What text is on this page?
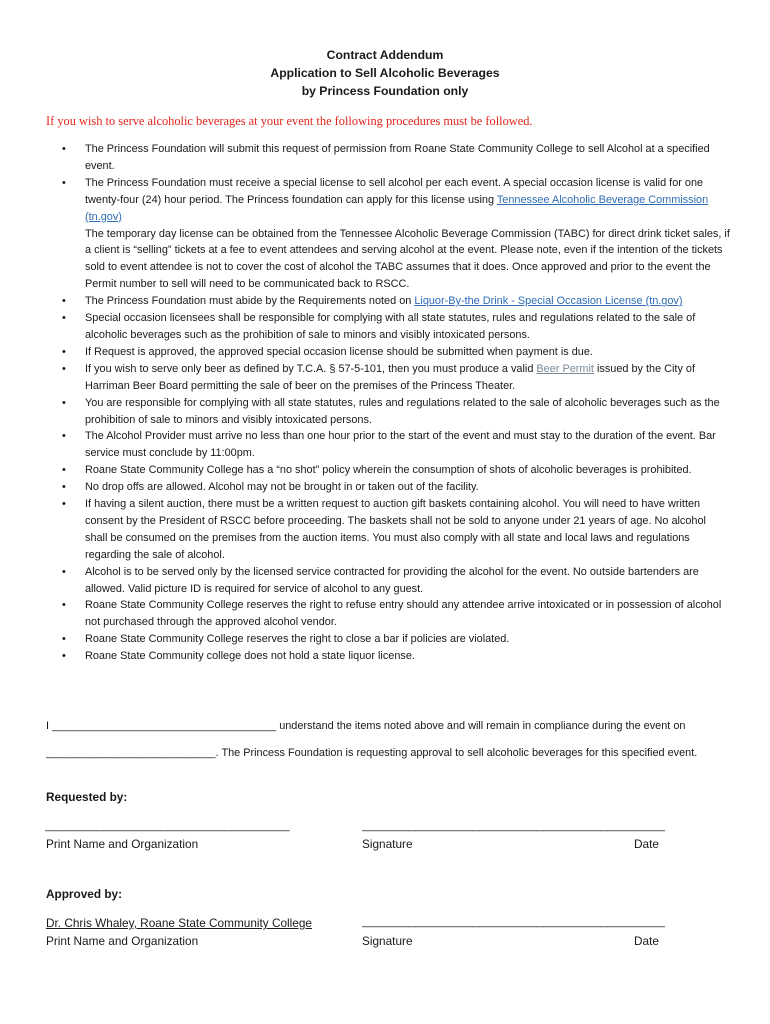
Contract Addendum
Application to Sell Alcoholic Beverages
by Princess Foundation only
If you wish to serve alcoholic beverages at your event the following procedures must be followed.
• The Princess Foundation will submit this request of permission from Roane State Community College to sell Alcohol at a specified event.

• The Princess Foundation must receive a special license to sell alcohol per each event. A special occasion license is valid for one twenty-four (24) hour period. The Princess foundation can apply for this license using Tennessee Alcoholic Beverage Commission (tn.gov)

The temporary day license can be obtained from the Tennessee Alcoholic Beverage Commission (TABC) for direct drink ticket sales, if a client is “selling” tickets at a fee to event attendees and serving alcohol at the event. Please note, even if the intention of the tickets sold to event attendee is not to cover the cost of alcohol the TABC assumes that it does. Once approved and prior to the event the Permit number to sell will need to be communicated back to RSCC.

• The Princess Foundation must abide by the Requirements noted on Liquor-By-the Drink - Special Occasion License (tn.gov)
• Special occasion licensees shall be responsible for complying with all state statutes, rules and regulations related to the sale of alcoholic beverages such as the prohibition of sale to minors and visibly intoxicated persons.
• If Request is approved, the approved special occasion license should be submitted when payment is due.
• If you wish to serve only beer as defined by T.C.A. § 57-5-101, then you must produce a valid Beer Permit issued by the City of Harriman Beer Board permitting the sale of beer on the premises of the Princess Theater.
• You are responsible for complying with all state statutes, rules and regulations related to the sale of alcoholic beverages such as the prohibition of sale to minors and visibly intoxicated persons.
• The Alcohol Provider must arrive no less than one hour prior to the start of the event and must stay to the duration of the event. Bar service must conclude by 11:00pm.
• Roane State Community College has a “no shot” policy wherein the consumption of shots of alcoholic beverages is prohibited.
• No drop offs are allowed. Alcohol may not be brought in or taken out of the facility.
• If having a silent auction, there must be a written request to auction gift baskets containing alcohol. You will need to have written consent by the President of RSCC before proceeding. The baskets shall not be sold to anyone under 21 years of age. No alcohol shall be consumed on the premises from the auction items. You must also comply with all state and local laws and regulations regarding the sale of alcohol.
• Alcohol is to be served only by the licensed service contracted for providing the alcohol for the event. No outside bartenders are allowed. Valid picture ID is required for service of alcohol to any guest.
• Roane State Community College reserves the right to refuse entry should any attendee arrive intoxicated or in possession of alcohol not purchased through the approved alcohol vendor.
• Roane State Community College reserves the right to close a bar if policies are violated.
• Roane State Community college does not hold a state liquor license.
I _____________________________________ understand the items noted above and will remain in compliance during the event on
____________________________. The Princess Foundation is requesting approval to sell alcoholic beverages for this specified event.
Requested by:
__________________________________________	____________________________________________________
Print Name and Organization	Signature	Date
Approved by:
Dr. Chris Whaley, Roane State Community College	____________________________________________________
Print Name and Organization	Signature	Date
